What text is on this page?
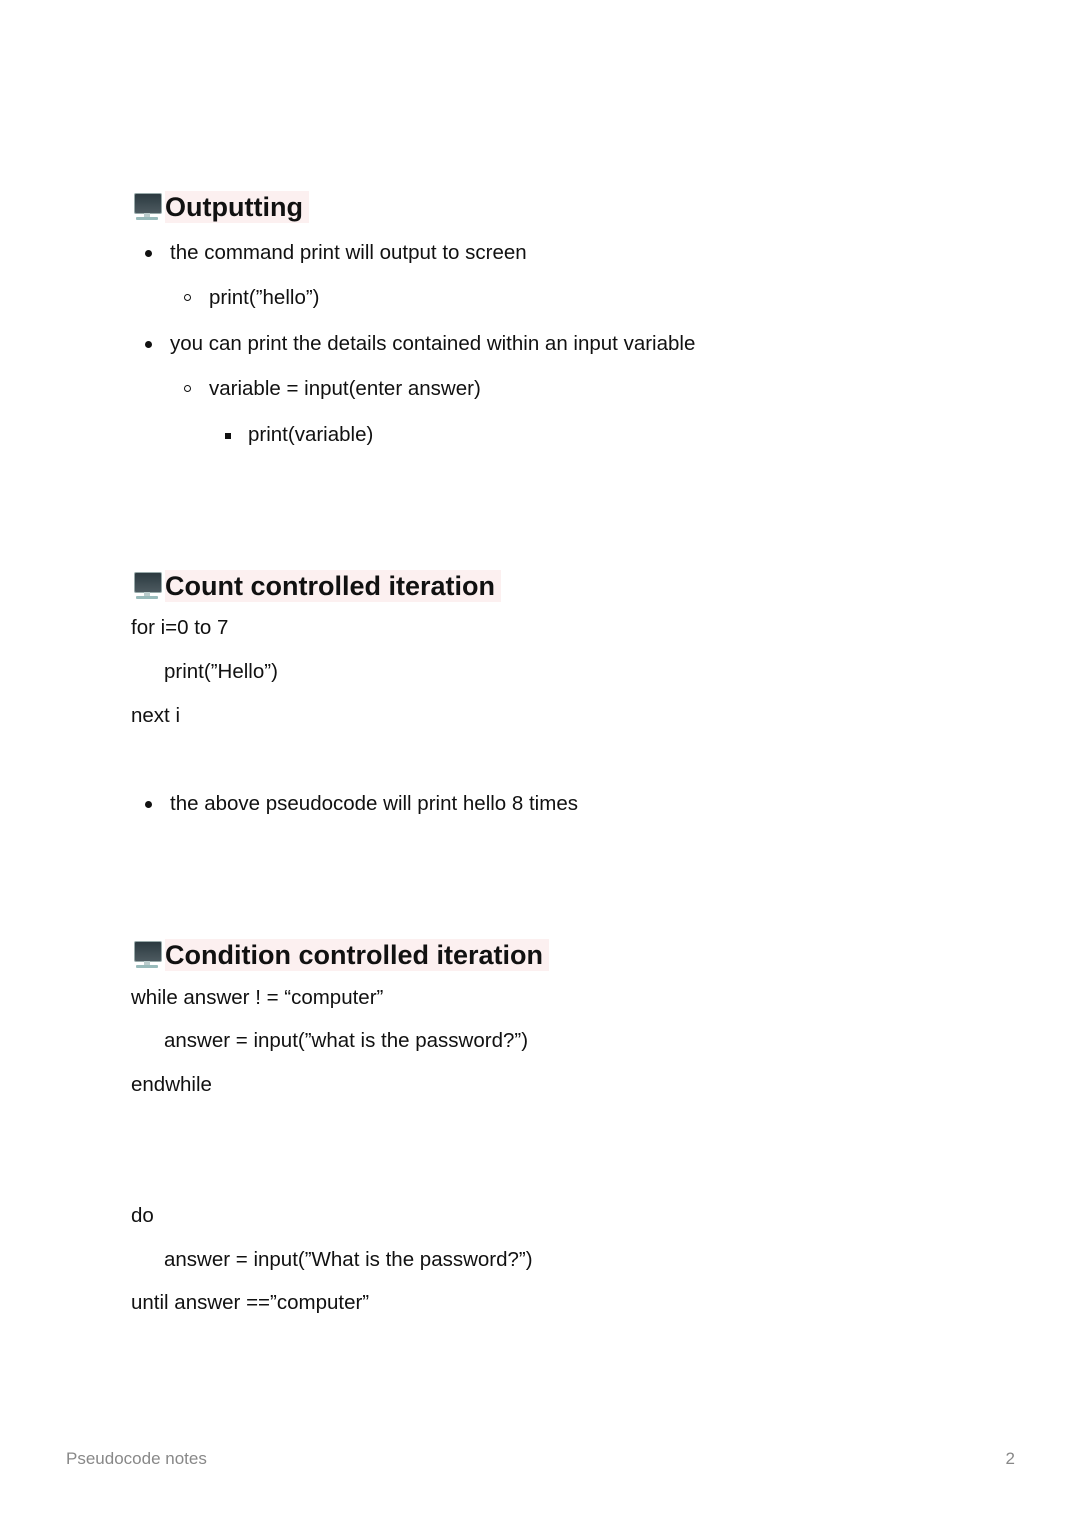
Outputting
the command print will output to screen
print(”hello”)
you can print the details contained within an input variable
variable = input(enter answer)
print(variable)
Count controlled iteration
for i=0 to 7
print(”Hello”)
next i
the above pseudocode will print hello 8 times
Condition controlled iteration
while answer ! = “computer”
answer = input(”what is the password?”)
endwhile
do
answer = input(”What is the password?”)
until answer ==”computer”
Pseudocode notes	2
